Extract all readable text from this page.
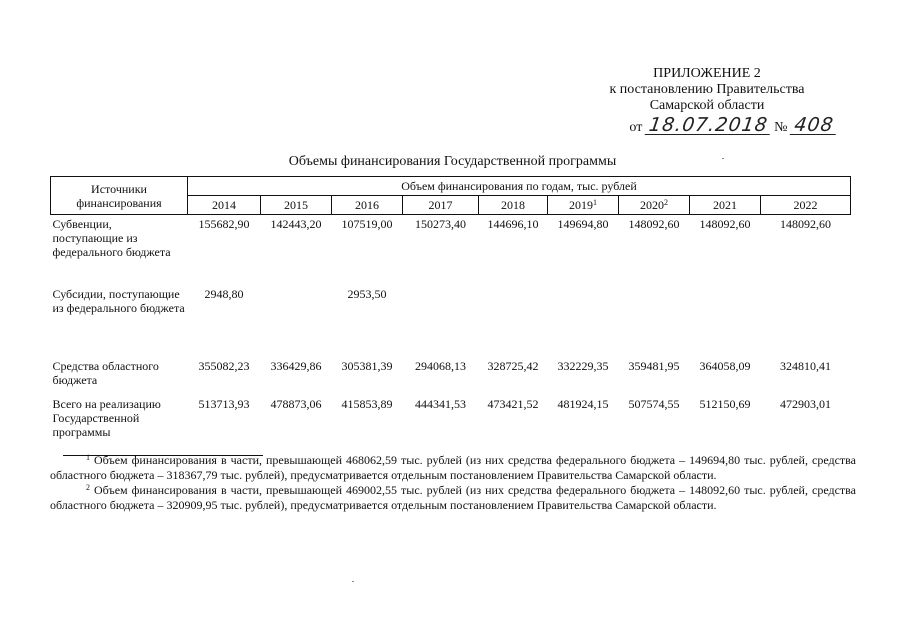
ПРИЛОЖЕНИЕ 2
к постановлению Правительства
Самарской области
от 18.07.2018 № 408
Объемы финансирования Государственной программы
Источники финансирования	Объем финансирования по годам, тыс. рублей								
	2014	2015	2016	2017	2018	2019$^1$	2020$^2$	2021	2022
Субвенции, поступающие из федерального бюджета	155682,90	142443,20	107519,00	150273,40	144696,10	149694,80	148092,60	148092,60	148092,60
Субсидии, поступающие из федерального бюджета	2948,80		2953,50						
Средства областного бюджета	355082,23	336429,86	305381,39	294068,13	328725,42	332229,35	359481,95	364058,09	324810,41
Всего на реализацию Государственной программы	513713,93	478873,06	415853,89	444341,53	473421,52	481924,15	507574,55	512150,69	472903,01

$^1$ Объем финансирования в части, превышающей 468062,59 тыс. рублей (из них средства федерального бюджета – 149694,80 тыс. рублей, средства областного бюджета – 318367,79 тыс. рублей), предусматривается отдельным постановлением Правительства Самарской области.

$^2$ Объем финансирования в части, превышающей 469002,55 тыс. рублей (из них средства федерального бюджета – 148092,60 тыс. рублей, средства областного бюджета – 320909,95 тыс. рублей), предусматривается отдельным постановлением Правительства Самарской области.
